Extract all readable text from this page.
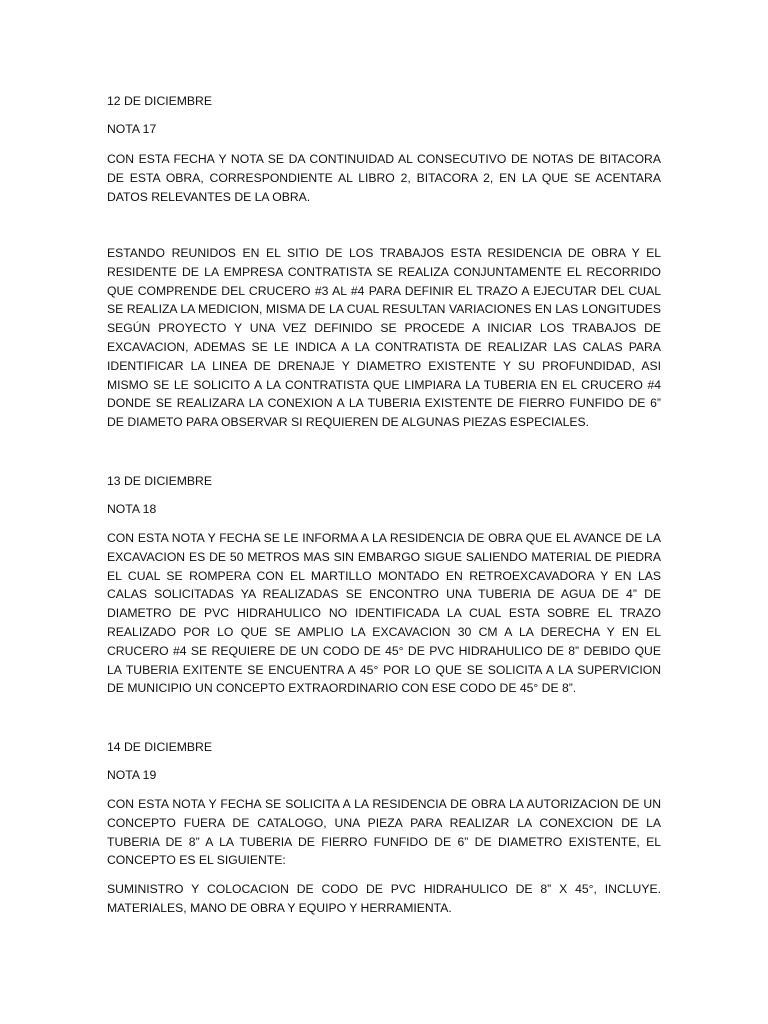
12 DE DICIEMBRE

NOTA 17

CON ESTA FECHA Y NOTA SE DA CONTINUIDAD AL CONSECUTIVO DE NOTAS DE BITACORA DE ESTA OBRA, CORRESPONDIENTE AL LIBRO 2, BITACORA 2, EN LA QUE SE ACENTARA DATOS RELEVANTES DE LA OBRA.

ESTANDO REUNIDOS EN EL SITIO DE LOS TRABAJOS ESTA RESIDENCIA DE OBRA Y EL RESIDENTE DE LA EMPRESA CONTRATISTA SE REALIZA CONJUNTAMENTE EL RECORRIDO QUE COMPRENDE DEL CRUCERO #3 AL #4 PARA DEFINIR EL TRAZO A EJECUTAR DEL CUAL SE REALIZA LA MEDICION, MISMA DE LA CUAL RESULTAN VARIACIONES EN LAS LONGITUDES SEGÚN PROYECTO Y UNA VEZ DEFINIDO SE PROCEDE A INICIAR LOS TRABAJOS DE EXCAVACION, ADEMAS SE LE INDICA A LA CONTRATISTA DE REALIZAR LAS CALAS PARA IDENTIFICAR LA LINEA DE DRENAJE Y DIAMETRO EXISTENTE Y SU PROFUNDIDAD, ASI MISMO SE LE SOLICITO A LA CONTRATISTA QUE LIMPIARA LA TUBERIA EN EL CRUCERO #4 DONDE SE REALIZARA LA CONEXION A LA TUBERIA EXISTENTE DE FIERRO FUNFIDO DE 6” DE DIAMETO PARA OBSERVAR SI REQUIEREN DE ALGUNAS PIEZAS ESPECIALES.

13 DE DICIEMBRE

NOTA 18

CON ESTA NOTA Y FECHA SE LE INFORMA A LA RESIDENCIA DE OBRA QUE EL AVANCE DE LA EXCAVACION ES DE 50 METROS MAS SIN EMBARGO SIGUE SALIENDO MATERIAL DE PIEDRA EL CUAL SE ROMPERA CON EL MARTILLO MONTADO EN RETROEXCAVADORA Y EN LAS CALAS SOLICITADAS YA REALIZADAS SE ENCONTRO UNA TUBERIA DE AGUA DE 4” DE DIAMETRO DE PVC HIDRAHULICO NO IDENTIFICADA LA CUAL ESTA SOBRE EL TRAZO REALIZADO POR LO QUE SE AMPLIO LA EXCAVACION 30 CM A LA DERECHA Y EN EL CRUCERO #4 SE REQUIERE DE UN CODO DE 45° DE PVC HIDRAHULICO DE 8” DEBIDO QUE LA TUBERIA EXITENTE SE ENCUENTRA A 45° POR LO QUE SE SOLICITA A LA SUPERVICION DE MUNICIPIO UN CONCEPTO EXTRAORDINARIO CON ESE CODO DE 45° DE 8”.

14 DE DICIEMBRE

NOTA 19

CON ESTA NOTA Y FECHA SE SOLICITA A LA RESIDENCIA DE OBRA LA AUTORIZACION DE UN CONCEPTO FUERA DE CATALOGO, UNA PIEZA PARA REALIZAR LA CONEXCION DE LA TUBERIA DE 8” A LA TUBERIA DE FIERRO FUNFIDO DE 6” DE DIAMETRO EXISTENTE, EL CONCEPTO ES EL SIGUIENTE:

SUMINISTRO Y COLOCACION DE CODO DE PVC HIDRAHULICO DE 8” X 45°, INCLUYE. MATERIALES, MANO DE OBRA Y EQUIPO Y HERRAMIENTA.
